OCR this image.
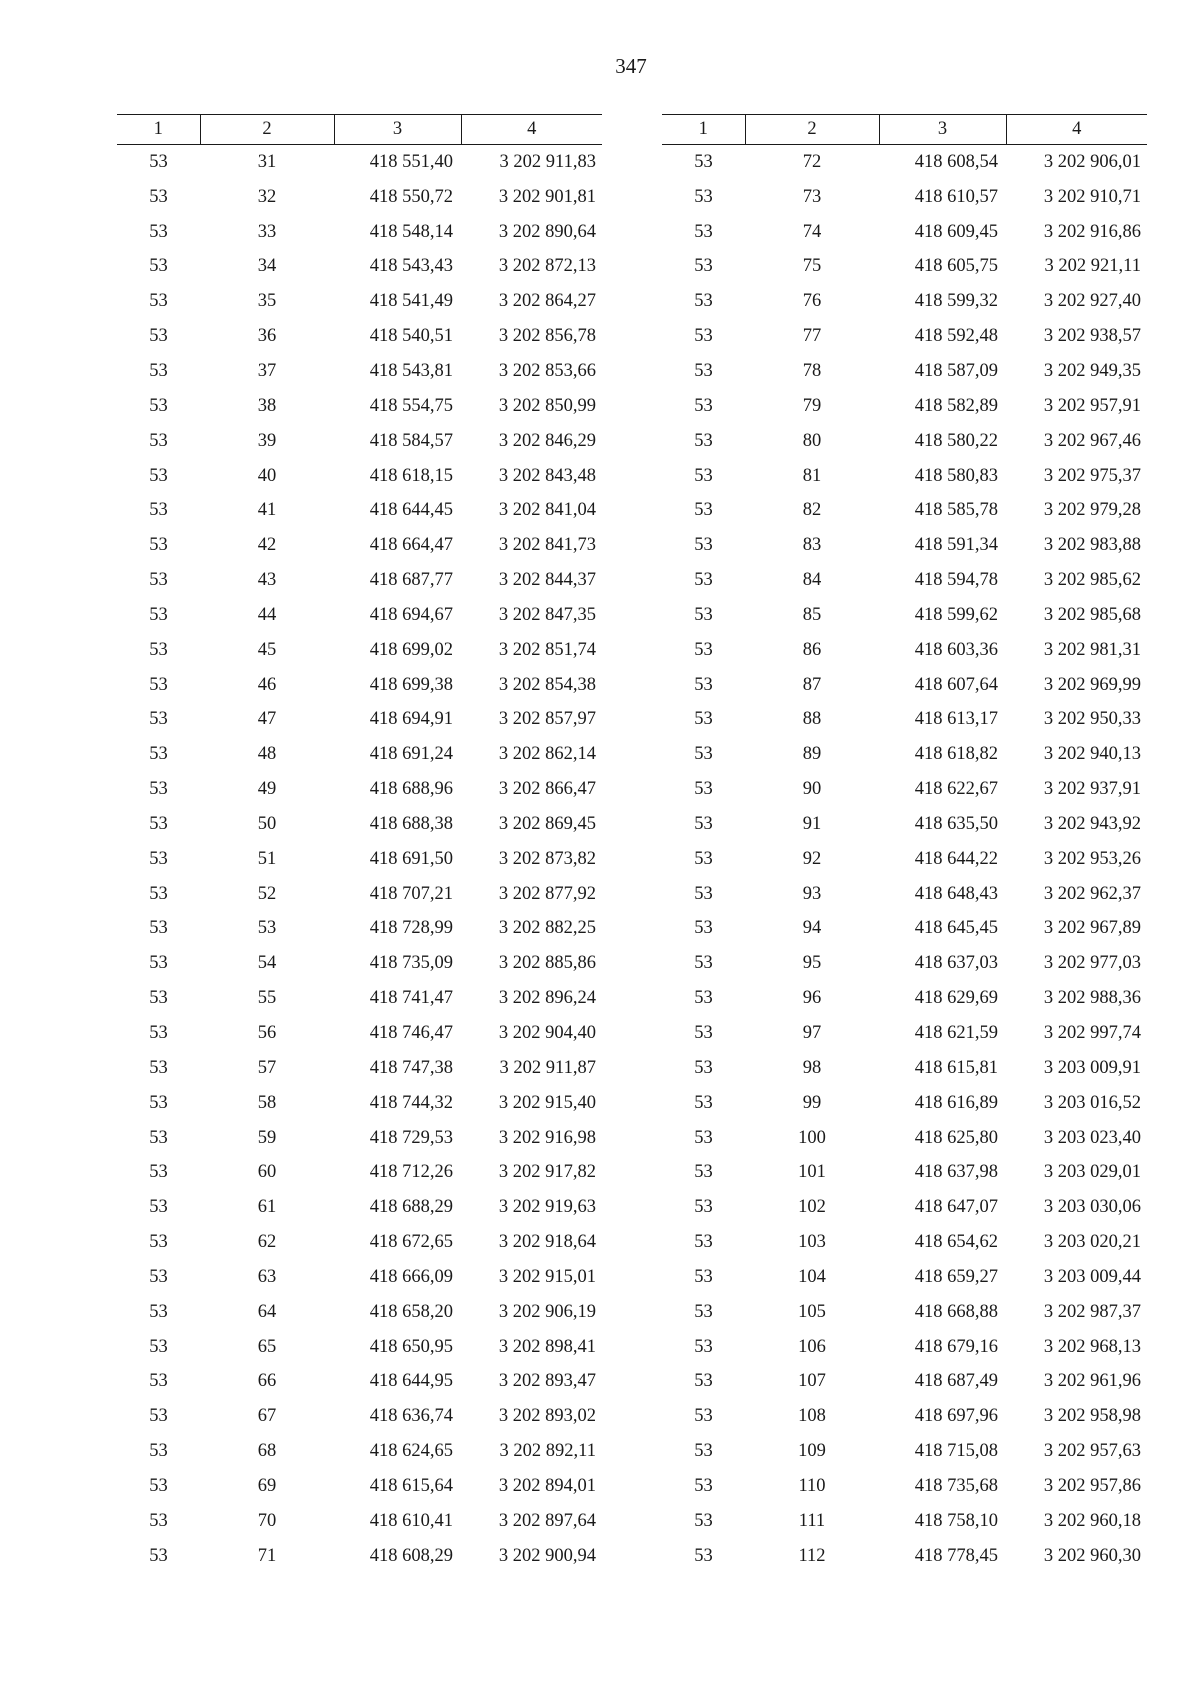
347
1	2	3	4
53	31	418 551,40	3 202 911,83
53	32	418 550,72	3 202 901,81
53	33	418 548,14	3 202 890,64
53	34	418 543,43	3 202 872,13
53	35	418 541,49	3 202 864,27
53	36	418 540,51	3 202 856,78
53	37	418 543,81	3 202 853,66
53	38	418 554,75	3 202 850,99
53	39	418 584,57	3 202 846,29
53	40	418 618,15	3 202 843,48
53	41	418 644,45	3 202 841,04
53	42	418 664,47	3 202 841,73
53	43	418 687,77	3 202 844,37
53	44	418 694,67	3 202 847,35
53	45	418 699,02	3 202 851,74
53	46	418 699,38	3 202 854,38
53	47	418 694,91	3 202 857,97
53	48	418 691,24	3 202 862,14
53	49	418 688,96	3 202 866,47
53	50	418 688,38	3 202 869,45
53	51	418 691,50	3 202 873,82
53	52	418 707,21	3 202 877,92
53	53	418 728,99	3 202 882,25
53	54	418 735,09	3 202 885,86
53	55	418 741,47	3 202 896,24
53	56	418 746,47	3 202 904,40
53	57	418 747,38	3 202 911,87
53	58	418 744,32	3 202 915,40
53	59	418 729,53	3 202 916,98
53	60	418 712,26	3 202 917,82
53	61	418 688,29	3 202 919,63
53	62	418 672,65	3 202 918,64
53	63	418 666,09	3 202 915,01
53	64	418 658,20	3 202 906,19
53	65	418 650,95	3 202 898,41
53	66	418 644,95	3 202 893,47
53	67	418 636,74	3 202 893,02
53	68	418 624,65	3 202 892,11
53	69	418 615,64	3 202 894,01
53	70	418 610,41	3 202 897,64
53	71	418 608,29	3 202 900,94
1	2	3	4
53	72	418 608,54	3 202 906,01
53	73	418 610,57	3 202 910,71
53	74	418 609,45	3 202 916,86
53	75	418 605,75	3 202 921,11
53	76	418 599,32	3 202 927,40
53	77	418 592,48	3 202 938,57
53	78	418 587,09	3 202 949,35
53	79	418 582,89	3 202 957,91
53	80	418 580,22	3 202 967,46
53	81	418 580,83	3 202 975,37
53	82	418 585,78	3 202 979,28
53	83	418 591,34	3 202 983,88
53	84	418 594,78	3 202 985,62
53	85	418 599,62	3 202 985,68
53	86	418 603,36	3 202 981,31
53	87	418 607,64	3 202 969,99
53	88	418 613,17	3 202 950,33
53	89	418 618,82	3 202 940,13
53	90	418 622,67	3 202 937,91
53	91	418 635,50	3 202 943,92
53	92	418 644,22	3 202 953,26
53	93	418 648,43	3 202 962,37
53	94	418 645,45	3 202 967,89
53	95	418 637,03	3 202 977,03
53	96	418 629,69	3 202 988,36
53	97	418 621,59	3 202 997,74
53	98	418 615,81	3 203 009,91
53	99	418 616,89	3 203 016,52
53	100	418 625,80	3 203 023,40
53	101	418 637,98	3 203 029,01
53	102	418 647,07	3 203 030,06
53	103	418 654,62	3 203 020,21
53	104	418 659,27	3 203 009,44
53	105	418 668,88	3 202 987,37
53	106	418 679,16	3 202 968,13
53	107	418 687,49	3 202 961,96
53	108	418 697,96	3 202 958,98
53	109	418 715,08	3 202 957,63
53	110	418 735,68	3 202 957,86
53	111	418 758,10	3 202 960,18
53	112	418 778,45	3 202 960,30
